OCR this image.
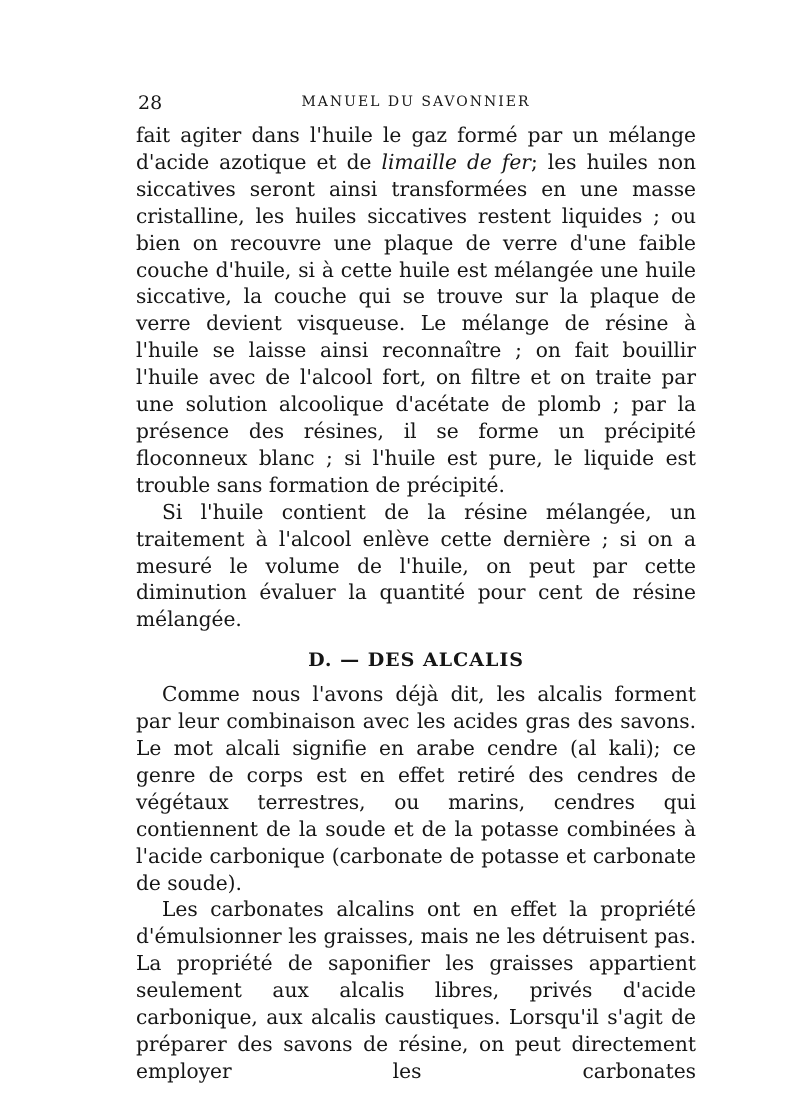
28	MANUEL DU SAVONNIER

fait agiter dans l'huile le gaz formé par un mélange d'acide azotique et de limaille de fer; les huiles non siccatives seront ainsi transformées en une masse cristalline, les huiles siccatives restent liquides ; ou bien on recouvre une plaque de verre d'une faible couche d'huile, si à cette huile est mélangée une huile siccative, la couche qui se trouve sur la plaque de verre devient visqueuse. Le mélange de résine à l'huile se laisse ainsi reconnaître ; on fait bouillir l'huile avec de l'alcool fort, on filtre et on traite par une solution alcoolique d'acétate de plomb ; par la présence des résines, il se forme un précipité floconneux blanc ; si l'huile est pure, le liquide est trouble sans formation de précipité.

Si l'huile contient de la résine mélangée, un traitement à l'alcool enlève cette dernière ; si on a mesuré le volume de l'huile, on peut par cette diminution évaluer la quantité pour cent de résine mélangée.

D. — DES ALCALIS

Comme nous l'avons déjà dit, les alcalis forment par leur combinaison avec les acides gras des savons. Le mot alcali signifie en arabe cendre (al kali); ce genre de corps est en effet retiré des cendres de végétaux terrestres, ou marins, cendres qui contiennent de la soude et de la potasse combinées à l'acide carbonique (carbonate de potasse et carbonate de soude).

Les carbonates alcalins ont en effet la propriété d'émulsionner les graisses, mais ne les détruisent pas. La propriété de saponifier les graisses appartient seulement aux alcalis libres, privés d'acide carbonique, aux alcalis caustiques. Lorsqu'il s'agit de préparer des savons de résine, on peut directement employer les carbonates
